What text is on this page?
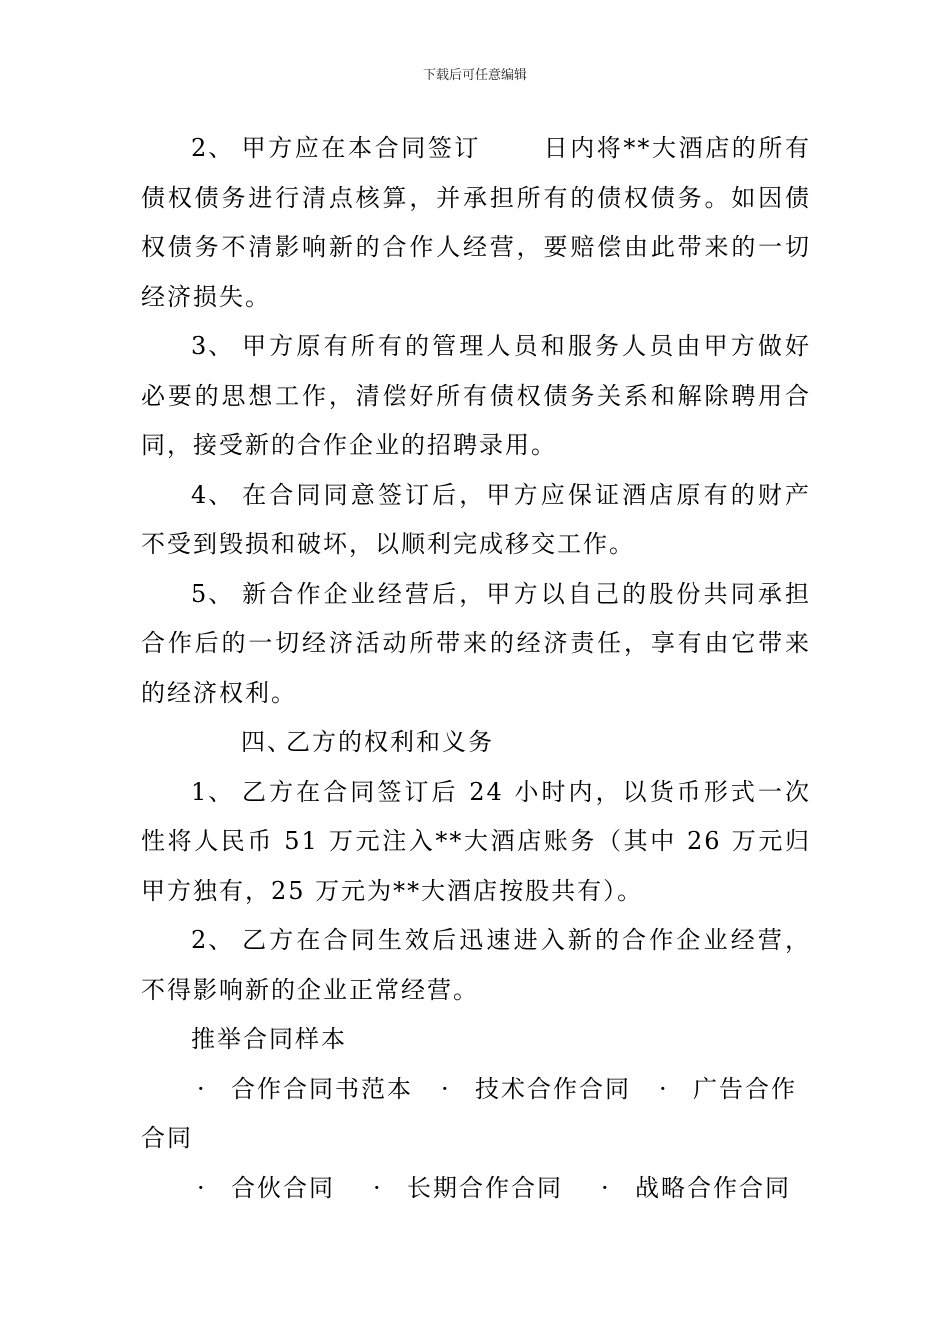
下载后可任意编辑

2、 甲方应在本合同签订	日内将**大酒店的所有债权债务进行清点核算，并承担所有的债权债务。如因债权债务不清影响新的合作人经营，要赔偿由此带来的一切经济损失。

3、 甲方原有所有的管理人员和服务人员由甲方做好必要的思想工作，清偿好所有债权债务关系和解除聘用合同，接受新的合作企业的招聘录用。

4、 在合同同意签订后，甲方应保证酒店原有的财产不受到毁损和破坏，以顺利完成移交工作。

5、 新合作企业经营后，甲方以自己的股份共同承担合作后的一切经济活动所带来的经济责任，享有由它带来的经济权利。

四、乙方的权利和义务

1、 乙方在合同签订后 24 小时内，以货币形式一次性将人民币 51 万元注入**大酒店账务（其中 26 万元归甲方独有，25 万元为**大酒店按股共有）。

2、 乙方在合同生效后迅速进入新的合作企业经营，不得影响新的企业正常经营。

推举合同样本

· 合作合同书范本 · 技术合作合同 · 广告合作合同

· 合伙合同 · 长期合作合同 · 战略合作合同
